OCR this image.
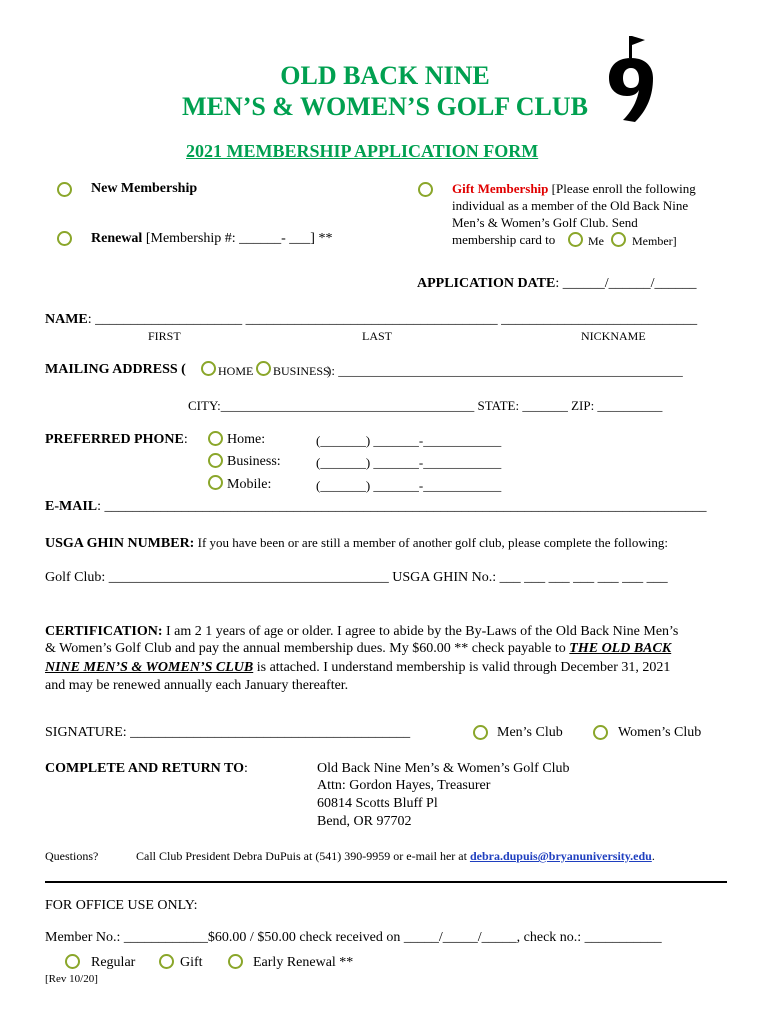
OLD BACK NINE
MEN’S & WOMEN’S GOLF CLUB
2021 MEMBERSHIP APPLICATION FORM
New Membership
Renewal [Membership #: ______- ___] **
Gift Membership [Please enroll the following
individual as a member of the Old Back Nine
Men’s & Women’s Golf Club. Send
membership card to	Me Member]
APPLICATION DATE: ______/______/______
NAME: _____________________ ____________________________________ ____________________________
FIRST	LAST	NICKNAME
MAILING ADDRESS (	HOME BUSINESS
): _____________________________________________________
CITY:_______________________________________ STATE: _______ ZIP: __________
PREFERRED PHONE:	Home:	(_______) _______-____________
Business:	(_______) _______-____________
Mobile:	(_______) _______-____________
E-MAIL: ______________________________________________________________________________________
USGA GHIN NUMBER: If you have been or are still a member of another golf club, please complete the following:
Golf Club: ________________________________________ USGA GHIN No.: ___ ___ ___ ___ ___ ___ ___
CERTIFICATION: I am 2 1 years of age or older. I agree to abide by the By-Laws of the Old Back Nine Men’s
& Women’s Golf Club and pay the annual membership dues. My $60.00 ** check payable to THE OLD BACK
NINE MEN’S & WOMEN’S CLUB is attached. I understand membership is valid through December 31, 2021
and may be renewed annually each January thereafter.
SIGNATURE: ________________________________________	Men’s Club	Women’s Club
COMPLETE AND RETURN TO:	Old Back Nine Men’s & Women’s Golf Club
Attn: Gordon Hayes, Treasurer
60814 Scotts Bluff Pl
Bend, OR 97702
Questions?	Call Club President Debra DuPuis at (541) 390-9959 or e-mail her at debra.dupuis@bryanuniversity.edu.
FOR OFFICE USE ONLY:
Member No.: ____________$60.00 / $50.00 check received on _____/_____/_____, check no.: ___________
Regular	Gift	Early Renewal **
[Rev 10/20]
